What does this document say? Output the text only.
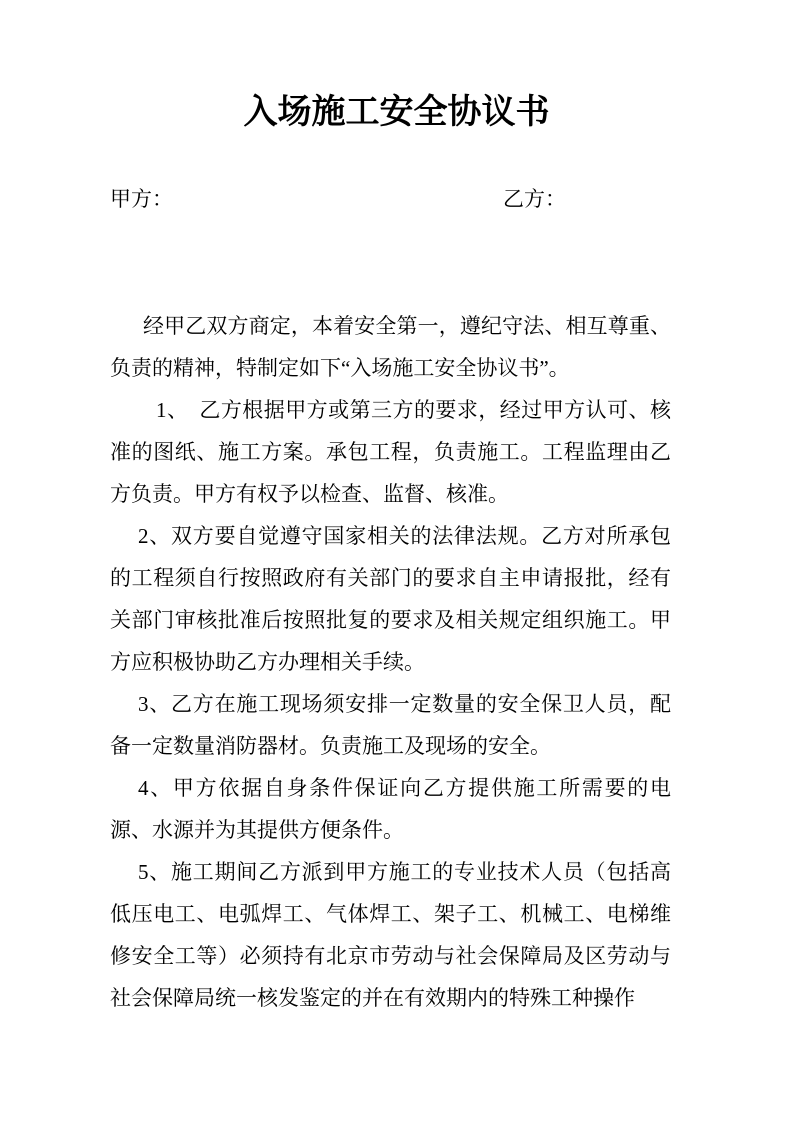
入场施工安全协议书
甲方：	乙方：

经甲乙双方商定，本着安全第一，遵纪守法、相互尊重、负责的精神，特制定如下“入场施工安全协议书”。

1、　乙方根据甲方或第三方的要求，经过甲方认可、核准的图纸、施工方案。承包工程，负责施工。工程监理由乙方负责。甲方有权予以检查、监督、核准。

2、双方要自觉遵守国家相关的法律法规。乙方对所承包的工程须自行按照政府有关部门的要求自主申请报批，经有关部门审核批准后按照批复的要求及相关规定组织施工。甲方应积极协助乙方办理相关手续。

3、乙方在施工现场须安排一定数量的安全保卫人员，配备一定数量消防器材。负责施工及现场的安全。

4、甲方依据自身条件保证向乙方提供施工所需要的电源、水源并为其提供方便条件。

5、施工期间乙方派到甲方施工的专业技术人员（包括高低压电工、电弧焊工、气体焊工、架子工、机械工、电梯维修安全工等）必须持有北京市劳动与社会保障局及区劳动与社会保障局统一核发鉴定的并在有效期内的特殊工种操作
